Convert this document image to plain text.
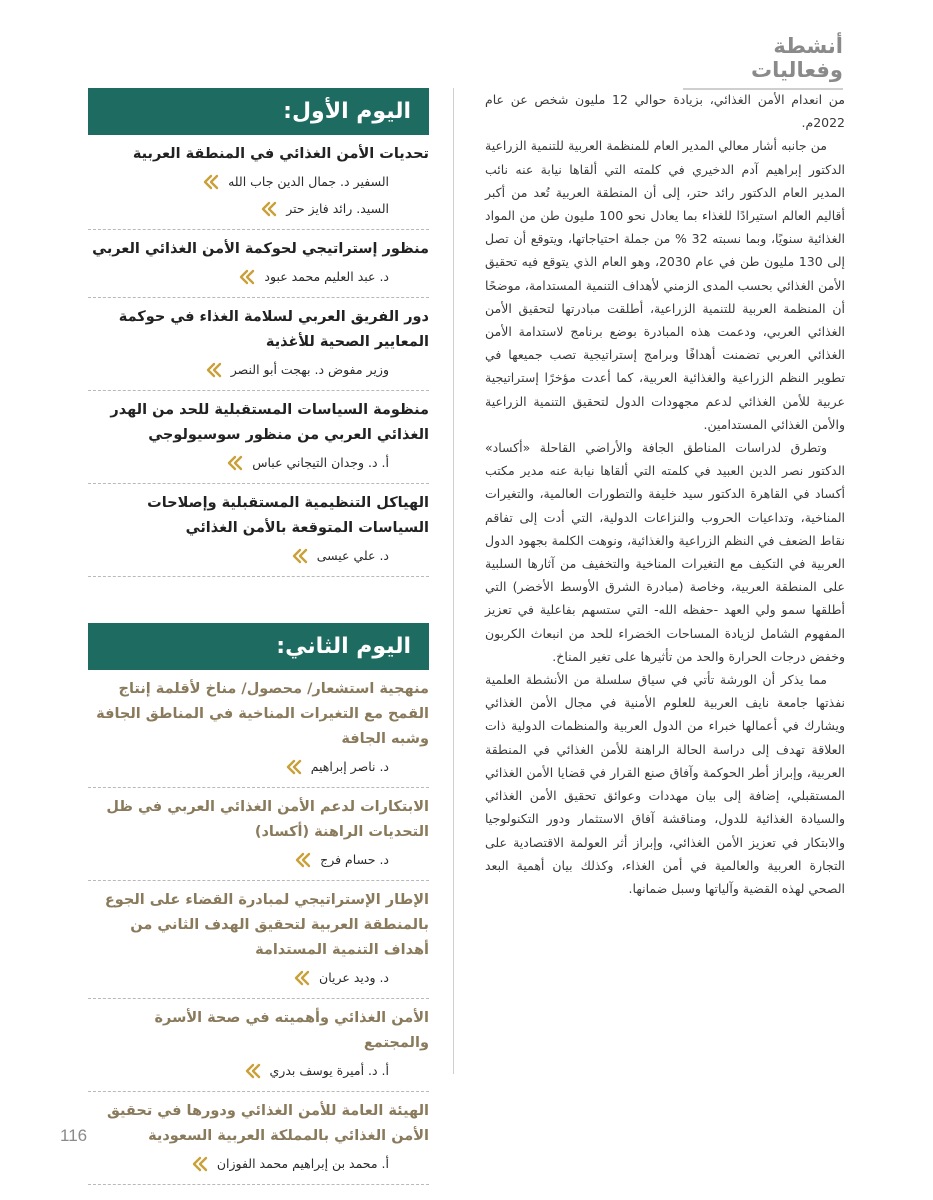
أنشطة وفعاليات

من انعدام الأمن الغذائي، بزيادة حوالي 12 مليون شخص عن عام 2022م.

من جانبه أشار معالي المدير العام للمنظمة العربية للتنمية الزراعية الدكتور إبراهيم آدم الدخيري في كلمته التي ألقاها نيابة عنه نائب المدير العام الدكتور رائد حتر، إلى أن المنطقة العربية تُعد من أكبر أقاليم العالم استيرادًا للغذاء بما يعادل نحو 100 مليون طن من المواد الغذائية سنويًا، وبما نسبته 32 % من جملة احتياجاتها، ويتوقع أن تصل إلى 130 مليون طن في عام 2030، وهو العام الذي يتوقع فيه تحقيق الأمن الغذائي بحسب المدى الزمني لأهداف التنمية المستدامة، موضحًا أن المنظمة العربية للتنمية الزراعية، أطلقت مبادرتها لتحقيق الأمن الغذائي العربي، ودعمت هذه المبادرة بوضع برنامج لاستدامة الأمن الغذائي العربي تضمنت أهدافًا وبرامج إستراتيجية تصب جميعها في تطوير النظم الزراعية والغذائية العربية، كما أعدت مؤخرًا إستراتيجية عربية للأمن الغذائي لدعم مجهودات الدول لتحقيق التنمية الزراعية والأمن الغذائي المستدامين.

وتطرق لدراسات المناطق الجافة والأراضي القاحلة «أكساد» الدكتور نصر الدين العبيد في كلمته التي ألقاها نيابة عنه مدير مكتب أكساد في القاهرة الدكتور سيد خليفة والتطورات العالمية، والتغيرات المناخية، وتداعيات الحروب والنزاعات الدولية، التي أدت إلى تفاقم نقاط الضعف في النظم الزراعية والغذائية، ونوهت الكلمة بجهود الدول العربية في التكيف مع التغيرات المناخية والتخفيف من آثارها السلبية على المنطقة العربية، وخاصة (مبادرة الشرق الأوسط الأخضر) التي أطلقها سمو ولي العهد -حفظه الله- التي ستسهم بفاعلية في تعزيز المفهوم الشامل لزيادة المساحات الخضراء للحد من انبعاث الكربون وخفض درجات الحرارة والحد من تأثيرها على تغير المناخ.

مما يذكر أن الورشة تأتي في سياق سلسلة من الأنشطة العلمية نفذتها جامعة نايف العربية للعلوم الأمنية في مجال الأمن الغذائي ويشارك في أعمالها خبراء من الدول العربية والمنظمات الدولية ذات العلاقة تهدف إلى دراسة الحالة الراهنة للأمن الغذائي في المنطقة العربية، وإبراز أطر الحوكمة وآفاق صنع القرار في قضايا الأمن الغذائي المستقبلي، إضافة إلى بيان مهددات وعوائق تحقيق الأمن الغذائي والسيادة الغذائية للدول، ومناقشة آفاق الاستثمار ودور التكنولوجيا والابتكار في تعزيز الأمن الغذائي، وإبراز أثر العولمة الاقتصادية على التجارة العربية والعالمية في أمن الغذاء، وكذلك بيان أهمية البعد الصحي لهذه القضية وآلياتها وسبل ضمانها.

اليوم الأول:
تحديات الأمن الغذائي في المنطقة العربية
السفير د. جمال الدين جاب الله
السيد. رائد فايز حتر
منظور إستراتيجي لحوكمة الأمن الغذائي العربي
د. عبد العليم محمد عبود
دور الفريق العربي لسلامة الغذاء في حوكمة المعايير الصحية للأغذية
وزير مفوض د. بهجت أبو النصر
منظومة السياسات المستقبلية للحد من الهدر الغذائي العربي من منظور سوسيولوجي
أ. د. وجدان التيجاني عباس
الهياكل التنظيمية المستقبلية وإصلاحات السياسات المتوقعة بالأمن الغذائي
د. علي عيسى
اليوم الثاني:
منهجية استشعار/ محصول/ مناخ لأقلمة إنتاج القمح مع التغيرات المناخية في المناطق الجافة وشبه الجافة
د. ناصر إبراهيم
الابتكارات لدعم الأمن الغذائي العربي في ظل التحديات الراهنة (أكساد)
د. حسام فرج
الإطار الإستراتيجي لمبادرة القضاء على الجوع بالمنطقة العربية لتحقيق الهدف الثاني من أهداف التنمية المستدامة
د. وديد عريان
الأمن الغذائي وأهميته في صحة الأسرة والمجتمع
أ. د. أميرة يوسف بدري
الهيئة العامة للأمن الغذائي ودورها في تحقيق الأمن الغذائي بالمملكة العربية السعودية
أ. محمد بن إبراهيم محمد الفوزان
116
